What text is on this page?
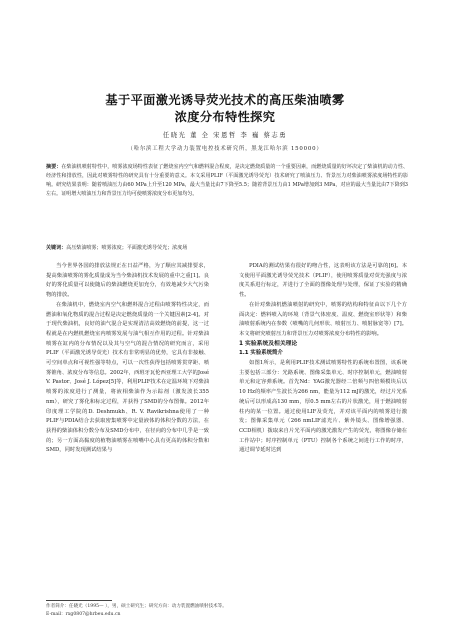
基于平面激光诱导荧光技术的高压柴油喷雾
浓度分布特性探究
任晓光 董 全 宋恩哲 李 巍 蔡志勇
（哈尔滨工程大学动力装置电控技术研究所，黑龙江哈尔滨 150000）
摘要：在柴油机喷射特性中，喷雾浓度场特性表征了燃烧室内空气和燃料混合程度，是决定燃烧质量的一个重要因素，而燃烧质量的好坏决定了柴油机的动力性、经济性和排放性，因此对喷雾特性的研究具有十分重要的意义。本文采用PLIF（平面激光诱导荧光）技术研究了喷油压力、背景压力对柴油喷雾浓度场特性的影响。研究结果表明：随着喷油压力由60 MPa上升至120 MPa，最大当量比由7下降至5.5；随着背景压力由1 MPa增加到3 MPa，对应的最大当量比由7下降到3左右。证明增大喷油压力和背景压力均可使喷雾浓度分布更加均匀。
关键词：高压柴油喷雾；喷雾浓度；平面激光诱导荧光；浓度场

当今世界各国的排放法规正在日益严格，为了顺应其减排要求，提高柴油喷雾的雾化质量成为当今柴油机技术发展的重中之重[1]。良好的雾化质量可以使随后的柴油燃烧更加充分，有效地减少大气污染物的排放。

在柴油机中，燃烧室内空气和燃料混合过程由喷雾特性决定，而燃油和氧化物质的混合过程是决定燃烧质量的一个关键因素[2-4]。对于现代柴油机，良好的油气混合是实现清洁高效燃烧的前提，这一过程就是在内燃机燃烧室内喷雾发展与油气相互作用的过程。针对柴油喷雾在缸内的分布情况以及其与空气的混合情况的研究而言，采用PLIF（平面激光诱导荧光）技术有非常明显的优势，它具有非接触、可空间单点和可视性强等特点，可以一次性获得包括喷雾贯穿距、喷雾锥角、浓度分布等信息。2002年，西班牙瓦伦西亚理工大学的José V. Pastor、José J. López[5]等，利用PLIF技术在定温环境下对柴油喷雾的浓度进行了测量，将液相柴油作为示踪剂（激发波长355 nm），研究了雾化和标定过程，并获得了SMD的分布图像。2012年印度理工学院的D. Deshmukh、R. V. Ravikrishna使用了一种PLIF与PDIA结合去获取密集喷雾中定量液体的体积分数的方法，在获得的柴油体积分数分布及SMD分布中，在径向的分布中几乎是一致的；另一方面高黏度的植物油喷雾在喷嘴中心具有更高的体积分数和SMD，同时发现测试结果与

PDIA的测试结果有很好的吻合性，这表明该方法是可靠的[6]。本文使用平面激光诱导荧光技术（PLIF），使用喷雾质量对荧光强度与浓度关系进行标定，并进行了全面的图像处理与处理，保证了实验的精确性。

在针对柴油机燃油喷射的研究中，喷雾的结构和特征由以下几个方面决定：燃料喷入的环境（背景气体密度、温度、燃烧室形状等）和柴油喷射系统内在参数（喷嘴的几何形状、喷射压力、喷射脉宽等）[7]。本文将研究喷射压力和背景压力对喷雾浓度分布特性的影响。

1 实验系统及相关理论

1.1 实验系统简介

如图1所示，是利用PLIF技术测试喷雾特性的系统布置图，该系统主要包括三部分：光路系统、图像采集单元、时序控制单元，燃油喷射单元和定容弹系统。首先Nd：YAG激光器经二倍频与四倍频模块后以10 Hz的频率产生波长为266 nm，能量为112 mJ的激光，经过片光系统后可以形成高130 mm，厚0.5 mm左右的片状激光，用于燃油喷射柱内的某一位置。通过使用LIF及荧光，并对该平面内的喷雾进行激发；图像采集单元（266 nmLIF滤光片、紫外镜头、图像增强器、CCD相机）拨取来自片光平面内的激光激发产生的荧光，将图像存储在工作站中；时序控制单元（PTU）控制各个系统之间进行工作的时序，通过调节延时达到

作者简介：任晓光（1995— ），男，硕士研究生；研究方向：动力装置燃油喷射技术等。
E-mail：rxg0807@hrbeu.edu.cn
